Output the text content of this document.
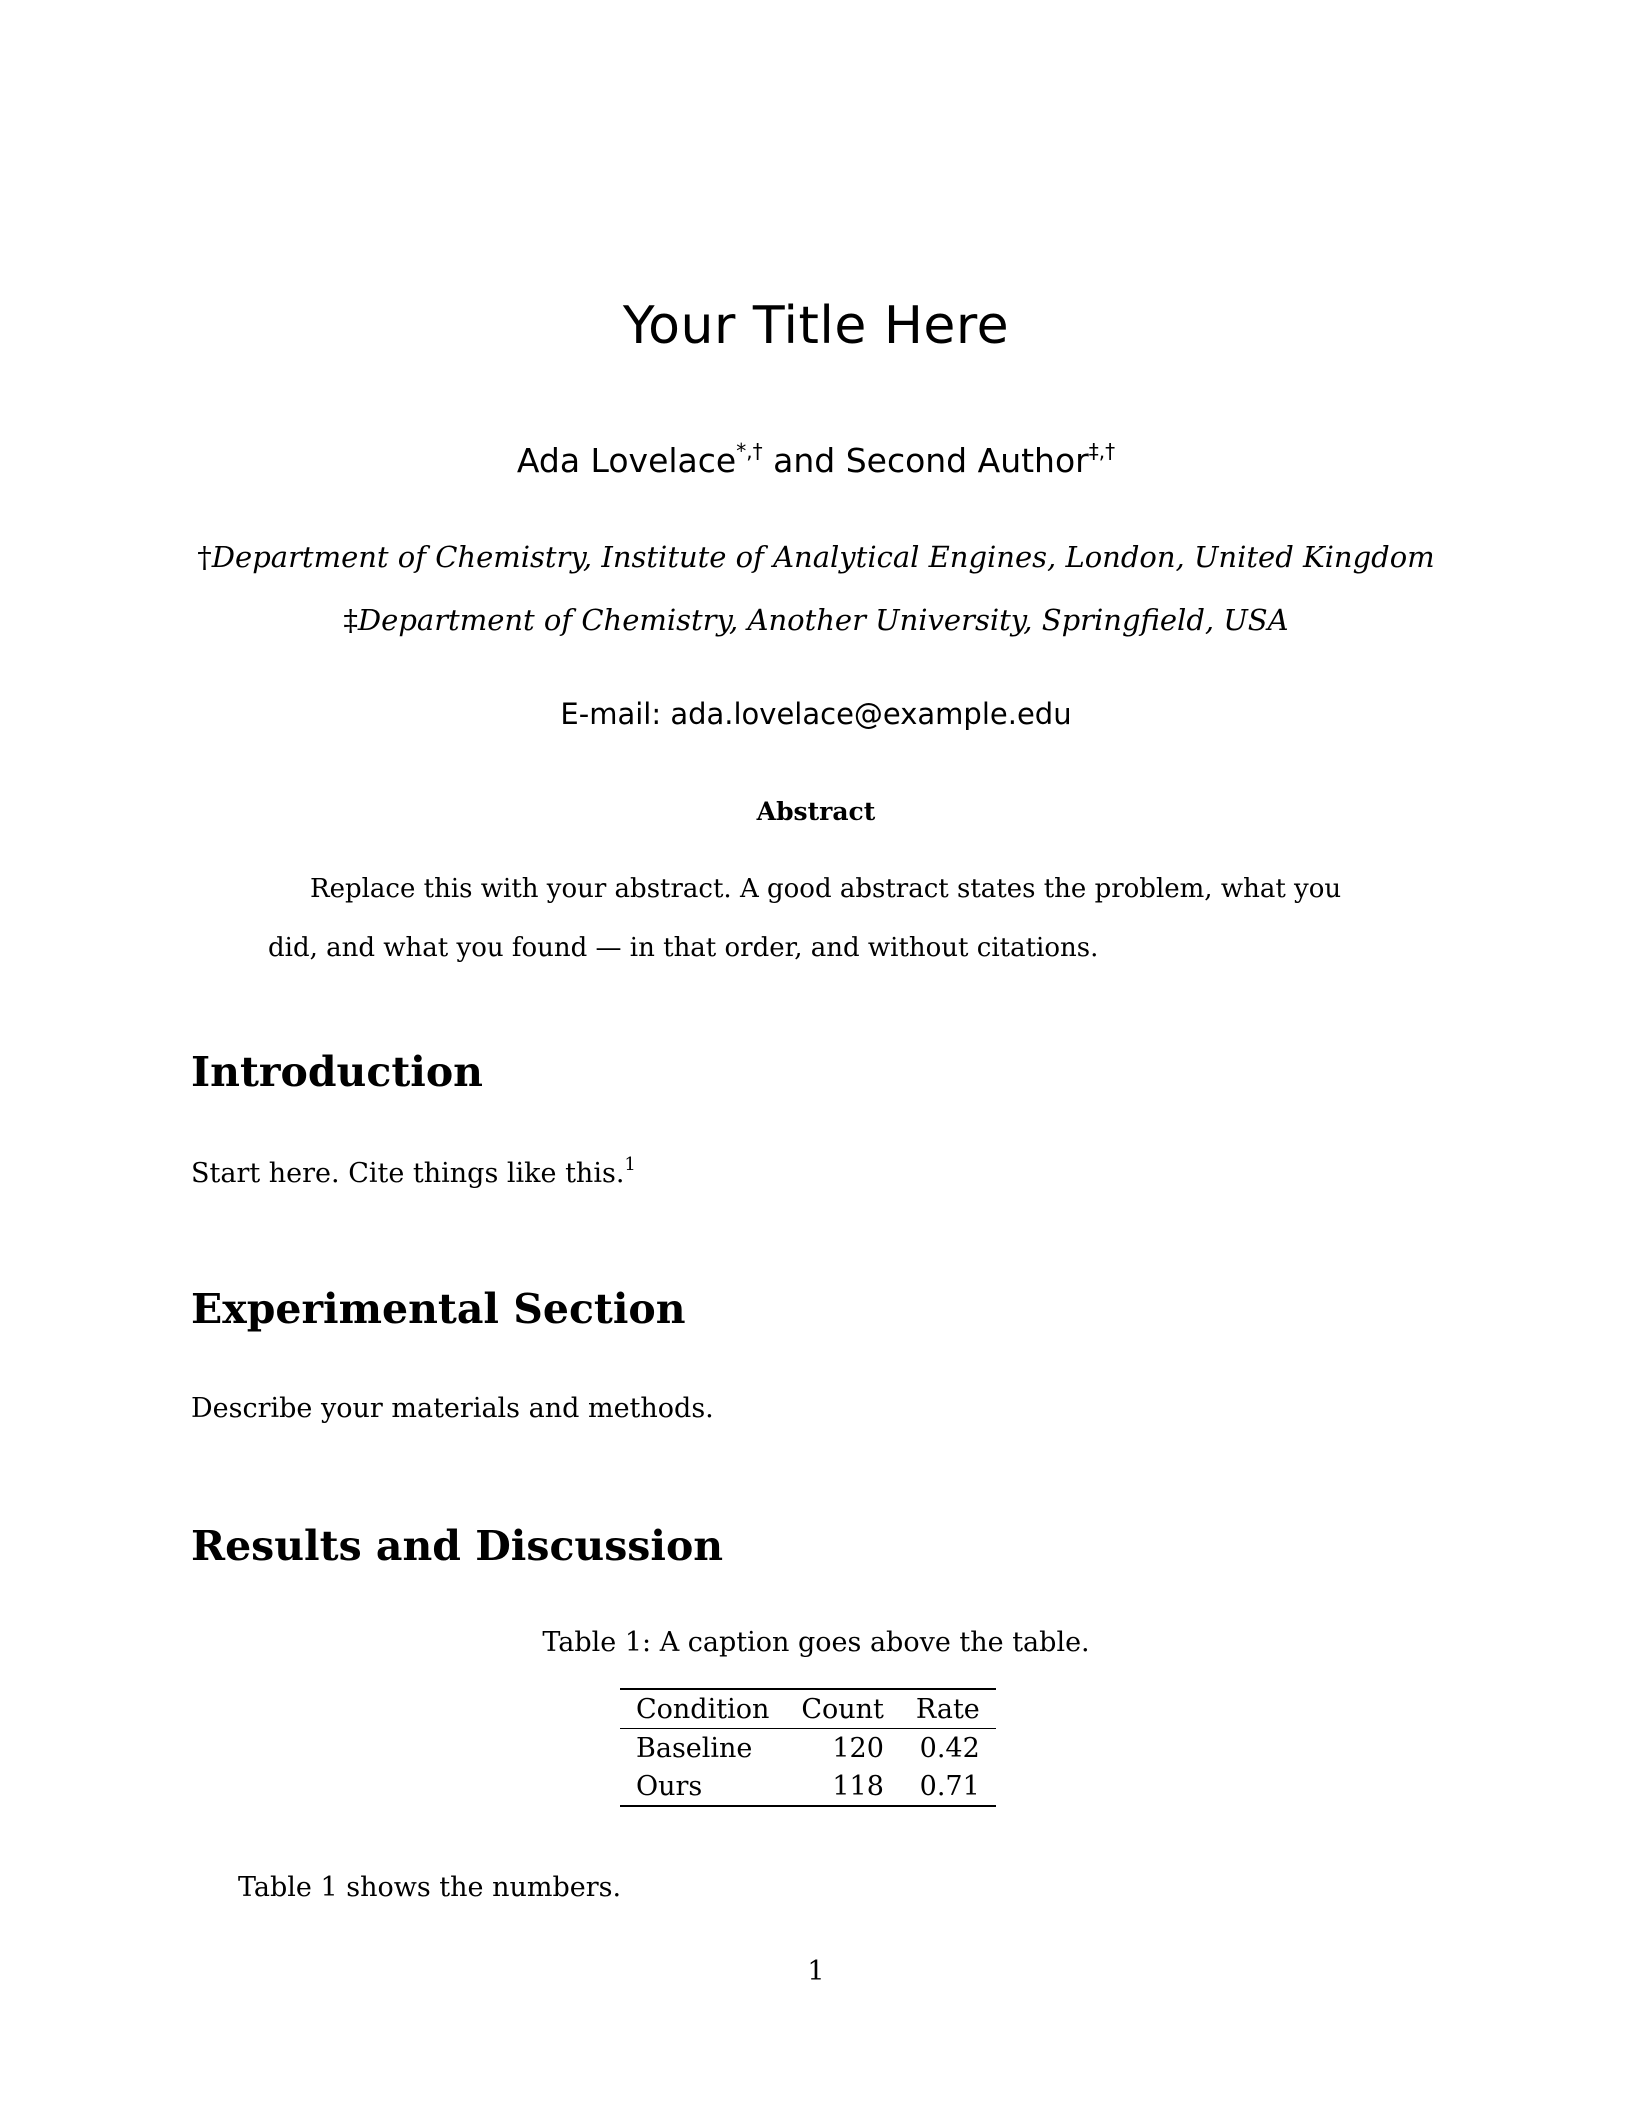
Your Title Here
Ada Lovelace*,† and Second Author‡,†
†Department of Chemistry, Institute of Analytical Engines, London, United Kingdom
‡Department of Chemistry, Another University, Springfield, USA
E-mail: ada.lovelace@example.edu
Abstract
Replace this with your abstract. A good abstract states the problem, what you did, and what you found — in that order, and without citations.
Introduction
Start here. Cite things like this.$^1$
Experimental Section
Describe your materials and methods.
Results and Discussion
Table 1: A caption goes above the table.
Condition	Count	Rate
Baseline	120	0.42
Ours	118	0.71
Table 1 shows the numbers.
1
